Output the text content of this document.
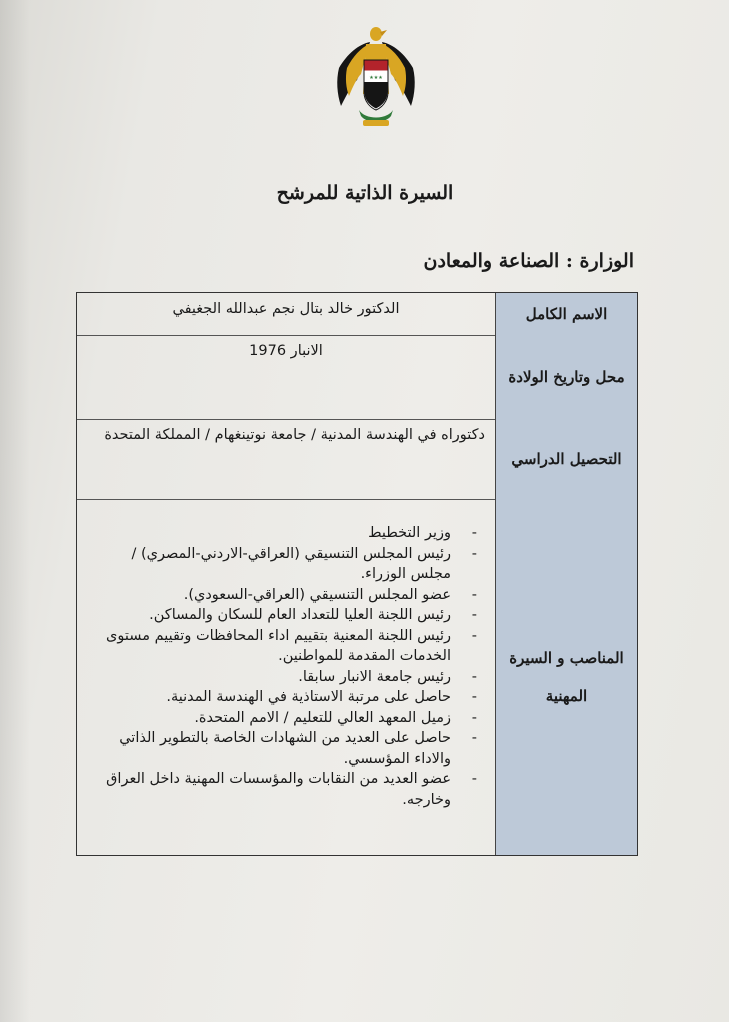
★★★
السيرة الذاتية للمرشح
الوزارة : الصناعة والمعادن
الاسم الكامل
الدكتور خالد بتال نجم عبدالله الجغيفي
محل وتاريخ الولادة
الانبار 1976
التحصيل الدراسي
دكتوراه في الهندسة المدنية / جامعة نوتينغهام / المملكة المتحدة
المناصب و السيرة المهنية
- وزير التخطيط
- رئيس المجلس التنسيقي (العراقي-الاردني-المصري) / مجلس الوزراء.
- عضو المجلس التنسيقي (العراقي-السعودي).
- رئيس اللجنة العليا للتعداد العام للسكان والمساكن.
- رئيس اللجنة المعنية بتقييم اداء المحافظات وتقييم مستوى الخدمات المقدمة للمواطنين.
- رئيس جامعة الانبار سابقا.
- حاصل على مرتبة الاستاذية في الهندسة المدنية.
- زميل المعهد العالي للتعليم / الامم المتحدة.
- حاصل على العديد من الشهادات الخاصة بالتطوير الذاتي والاداء المؤسسي.
- عضو العديد من النقابات والمؤسسات المهنية داخل العراق وخارجه.
